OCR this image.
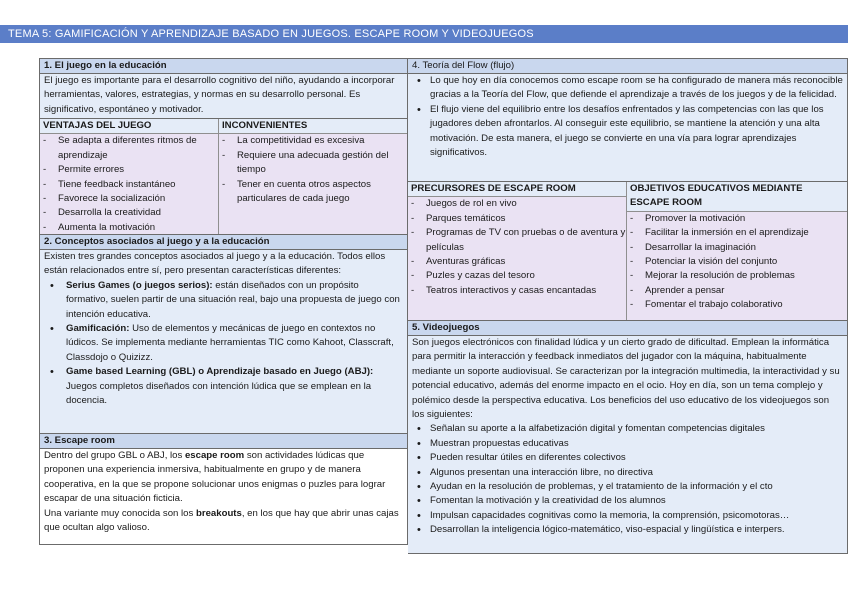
TEMA 5: GAMIFICACIÓN Y APRENDIZAJE BASADO EN JUEGOS. ESCAPE ROOM Y VIDEOJUEGOS
1. El juego en la educación
El juego es importante para el desarrollo cognitivo del niño, ayudando a incorporar herramientas, valores, estrategias, y normas en su desarrollo personal. Es significativo, espontáneo y motivador.
VENTAJAS DEL JUEGO
- Se adapta a diferentes ritmos de aprendizaje
- Permite errores
- Tiene feedback instantáneo
- Favorece la socialización
- Desarrolla la creatividad
- Aumenta la motivación
INCONVENIENTES
- La competitividad es excesiva
- Requiere una adecuada gestión del tiempo
- Tener en cuenta otros aspectos particulares de cada juego
2. Conceptos asociados al juego y a la educación
Existen tres grandes conceptos asociados al juego y a la educación. Todos ellos están relacionados entre sí, pero presentan características diferentes:
• Serius Games (o juegos serios): están diseñados con un propósito formativo, suelen partir de una situación real, bajo una propuesta de juego con intención educativa.
• Gamificación: Uso de elementos y mecánicas de juego en contextos no lúdicos. Se implementa mediante herramientas TIC como Kahoot, Classcraft, Classdojo o Quizizz.
• Game based Learning (GBL) o Aprendizaje basado en Juego (ABJ): Juegos completos diseñados con intención lúdica que se emplean en la docencia.
3. Escape room
Dentro del grupo GBL o ABJ, los escape room son actividades lúdicas que proponen una experiencia inmersiva, habitualmente en grupo y de manera cooperativa, en la que se propone solucionar unos enigmas o puzles para lograr escapar de una situación ficticia.
Una variante muy conocida son los breakouts, en los que hay que abrir unas cajas que ocultan algo valioso.
4. Teoría del Flow (flujo)
• Lo que hoy en día conocemos como escape room se ha configurado de manera más reconocible gracias a la Teoría del Flow, que defiende el aprendizaje a través de los juegos y de la felicidad.
• El flujo viene del equilibrio entre los desafíos enfrentados y las competencias con las que los jugadores deben afrontarlos. Al conseguir este equilibrio, se mantiene la atención y una alta motivación. De esta manera, el juego se convierte en una vía para lograr aprendizajes significativos.
PRECURSORES DE ESCAPE ROOM
- Juegos de rol en vivo
- Parques temáticos
- Programas de TV con pruebas o de aventura y películas
- Aventuras gráficas
- Puzles y cazas del tesoro
- Teatros interactivos y casas encantadas
OBJETIVOS EDUCATIVOS MEDIANTE ESCAPE ROOM
- Promover la motivación
- Facilitar la inmersión en el aprendizaje
- Desarrollar la imaginación
- Potenciar la visión del conjunto
- Mejorar la resolución de problemas
- Aprender a pensar
- Fomentar el trabajo colaborativo
5. Videojuegos
Son juegos electrónicos con finalidad lúdica y un cierto grado de dificultad. Emplean la informática para permitir la interacción y feedback inmediatos del jugador con la máquina, habitualmente mediante un soporte audiovisual. Se caracterizan por la integración multimedia, la interactividad y su potencial educativo, además del enorme impacto en el ocio. Hoy en día, son un tema complejo y polémico desde la perspectiva educativa. Los beneficios del uso educativo de los videojuegos son los siguientes:
• Señalan su aporte a la alfabetización digital y fomentan competencias digitales
• Muestran propuestas educativas
• Pueden resultar útiles en diferentes colectivos
• Algunos presentan una interacción libre, no directiva
• Ayudan en la resolución de problemas, y el tratamiento de la información y el cto
• Fomentan la motivación y la creatividad de los alumnos
• Impulsan capacidades cognitivas como la memoria, la comprensión, psicomotoras…
• Desarrollan la inteligencia lógico-matemático, viso-espacial y lingüística e interpers.
